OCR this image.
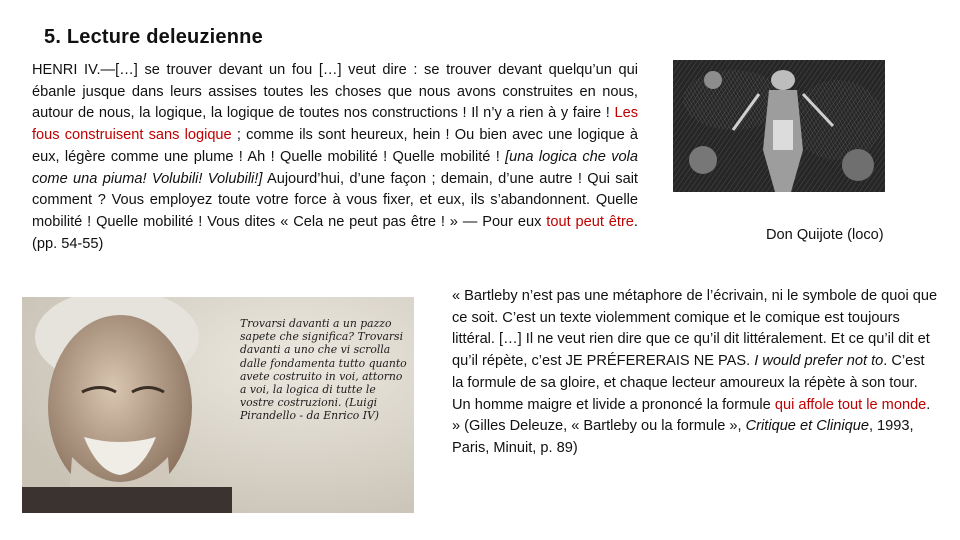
5. Lecture deleuzienne
HENRI IV.—[…] se trouver devant un fou […] veut dire : se trouver devant quelqu’un qui ébanle jusque dans leurs assises toutes les choses que nous avons construites en nous, autour de nous, la logique, la logique de toutes nos constructions ! Il n’y a rien à y faire ! Les fous construisent sans logique ; comme ils sont heureux, hein ! Ou bien avec une logique à eux, légère comme une plume ! Ah ! Quelle mobilité ! Quelle mobilité ! [una logica che vola come una piuma! Volubili! Volubili!] Aujourd’hui, d’une façon ; demain, d’une autre ! Qui sait comment ? Vous employez toute votre force à vous fixer, et eux, ils s’abandonnent. Quelle mobilité ! Quelle mobilité ! Vous dites « Cela ne peut pas être ! » — Pour eux tout peut être. (pp. 54-55)
Don Quijote (loco)
Trovarsi davanti a un pazzo sapete che significa? Trovarsi davanti a uno che vi scrolla dalle fondamenta tutto quanto avete costruito in voi, attorno a voi, la logica di tutte le vostre costruzioni. (Luigi Pirandello - da Enrico IV)
« Bartleby n’est pas une métaphore de l’écrivain, ni le symbole de quoi que ce soit. C’est un texte violemment comique et le comique est toujours littéral. […] Il ne veut rien dire que ce qu’il dit littéralement. Et ce qu’il dit et qu’il répète, c’est JE PRÉFERERAIS NE PAS. I would prefer not to. C’est la formule de sa gloire, et chaque lecteur amoureux la répète à son tour. Un homme maigre et livide a prononcé la formule qui affole tout le monde. » (Gilles Deleuze, « Bartleby ou la formule », Critique et Clinique, 1993, Paris, Minuit, p. 89)
